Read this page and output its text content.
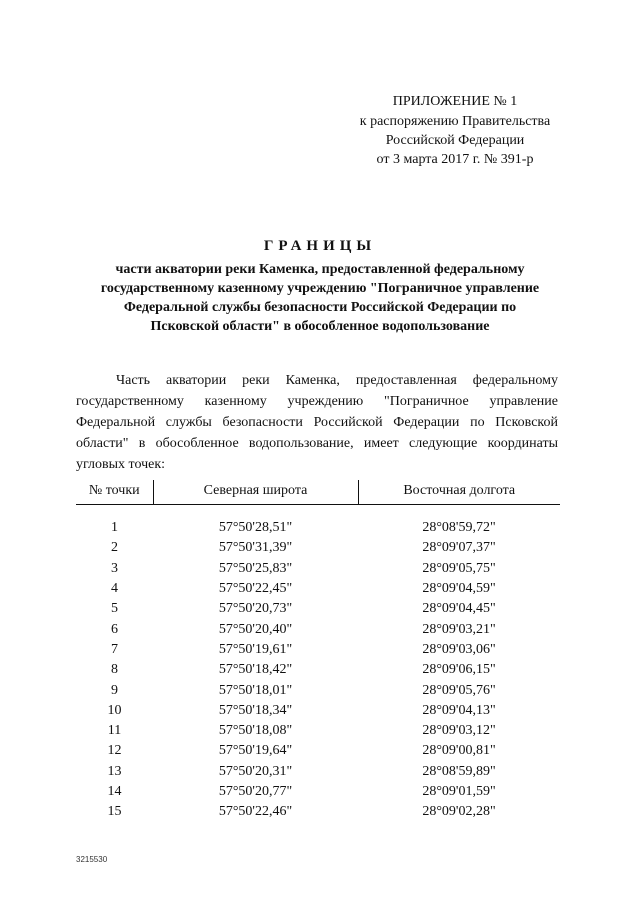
ПРИЛОЖЕНИЕ № 1
к распоряжению Правительства
Российской Федерации
от 3 марта 2017 г. № 391-р
ГРАНИЦЫ
части акватории реки Каменка, предоставленной федеральному
государственному казенному учреждению "Пограничное управление
Федеральной службы безопасности Российской Федерации по
Псковской области" в обособленное водопользование
Часть акватории реки Каменка, предоставленная федеральному государственному казенному учреждению "Пограничное управление Федеральной службы безопасности Российской Федерации по Псковской области" в обособленное водопользование, имеет следующие координаты угловых точек:
№ точки	Северная широта	Восточная долгота

1	57°50'28,51"	28°08'59,72"
2	57°50'31,39"	28°09'07,37"
3	57°50'25,83"	28°09'05,75"
4	57°50'22,45"	28°09'04,59"
5	57°50'20,73"	28°09'04,45"
6	57°50'20,40"	28°09'03,21"
7	57°50'19,61"	28°09'03,06"
8	57°50'18,42"	28°09'06,15"
9	57°50'18,01"	28°09'05,76"
10	57°50'18,34"	28°09'04,13"
11	57°50'18,08"	28°09'03,12"
12	57°50'19,64"	28°09'00,81"
13	57°50'20,31"	28°08'59,89"
14	57°50'20,77"	28°09'01,59"
15	57°50'22,46"	28°09'02,28"
3215530
